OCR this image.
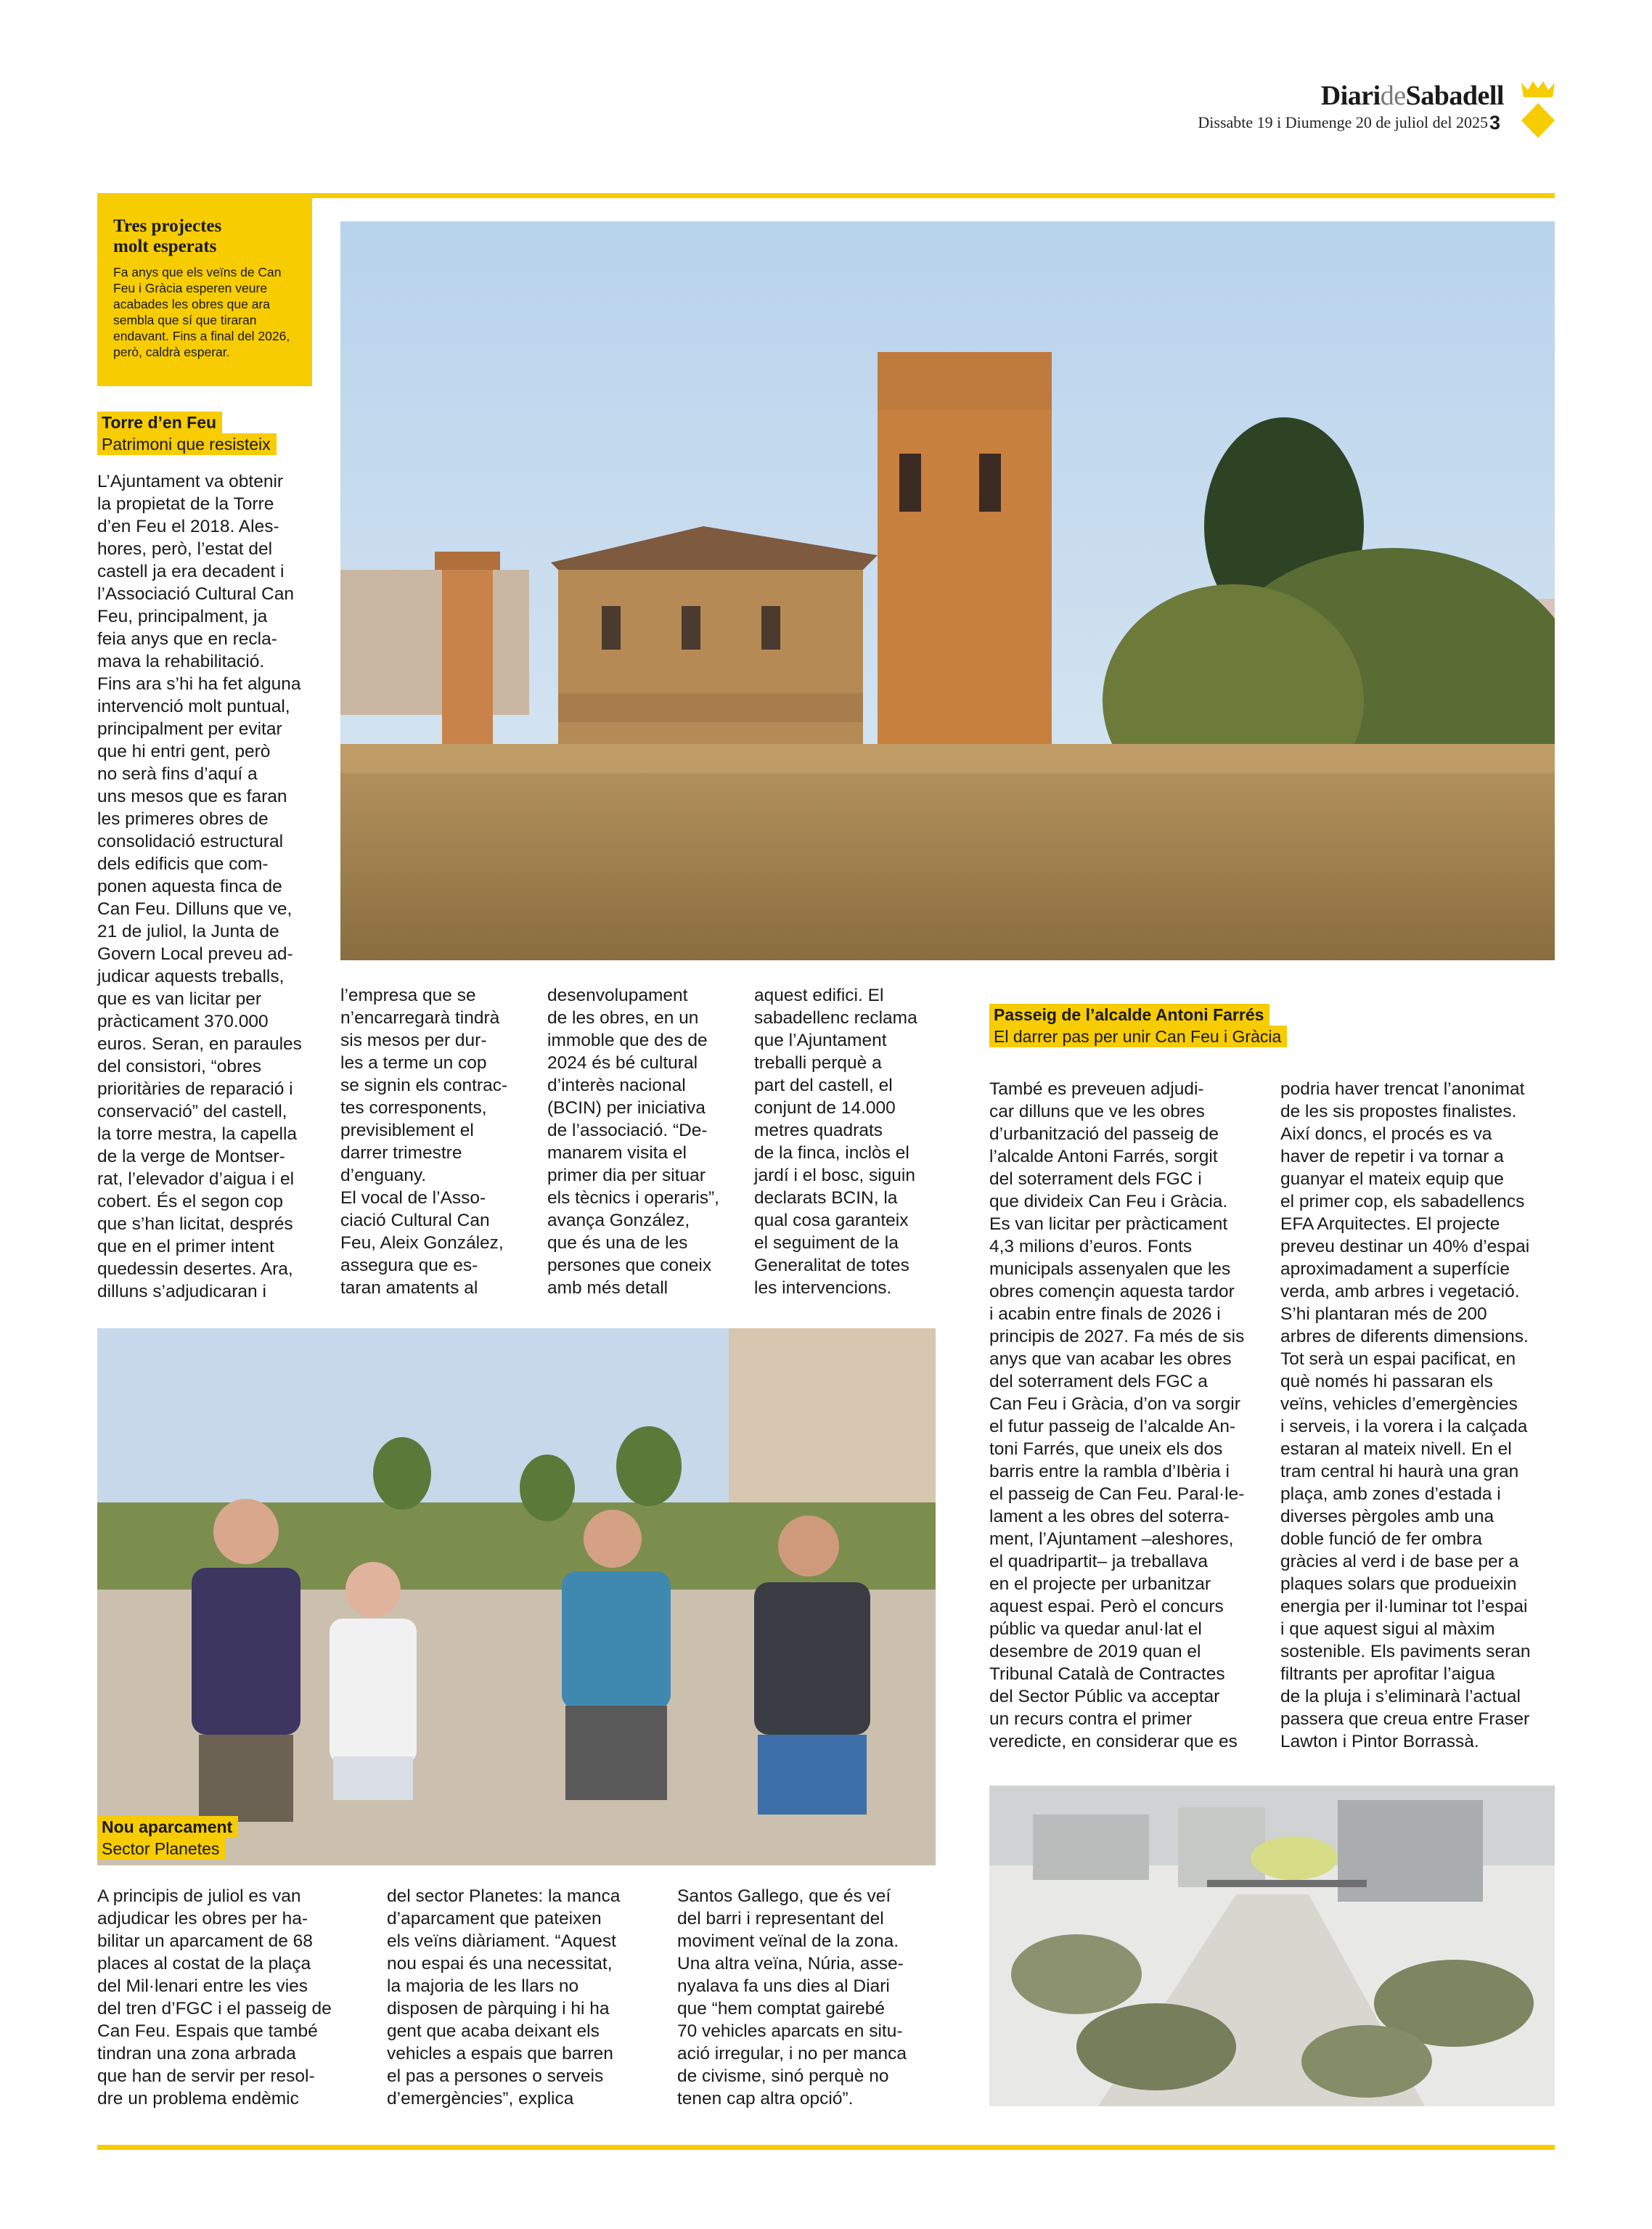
DiarideSabadell
Dissabte 19 i Diumenge 20 de juliol del 2025 3
Tres projectes
molt esperats
Fa anys que els veïns de Can Feu i Gràcia esperen veure acabades les obres que ara sembla que sí que tiraran endavant. Fins a final del 2026, però, caldrà esperar.
Torre d’en Feu
Patrimoni que resisteix
L’Ajuntament va obtenir
la propietat de la Torre
d’en Feu el 2018. Ales-
hores, però, l’estat del
castell ja era decadent i
l’Associació Cultural Can
Feu, principalment, ja
feia anys que en recla-
mava la rehabilitació.
Fins ara s’hi ha fet alguna
intervenció molt puntual,
principalment per evitar
que hi entri gent, però
no serà fins d’aquí a
uns mesos que es faran
les primeres obres de
consolidació estructural
dels edificis que com-
ponen aquesta finca de
Can Feu. Dilluns que ve,
21 de juliol, la Junta de
Govern Local preveu ad-
judicar aquests treballs,
que es van licitar per
pràcticament 370.000
euros. Seran, en paraules
del consistori, “obres
prioritàries de reparació i
conservació” del castell,
la torre mestra, la capella
de la verge de Montser-
rat, l’elevador d’aigua i el
cobert. És el segon cop
que s’han licitat, després
que en el primer intent
quedessin desertes. Ara,
dilluns s’adjudicaran i
l’empresa que se
n’encarregarà tindrà
sis mesos per dur-
les a terme un cop
se signin els contrac-
tes corresponents,
previsiblement el
darrer trimestre
d’enguany.
El vocal de l’Asso-
ciació Cultural Can
Feu, Aleix González,
assegura que es-
taran amatents al
desenvolupament
de les obres, en un
immoble que des de
2024 és bé cultural
d’interès nacional
(BCIN) per iniciativa
de l’associació. “De-
manarem visita el
primer dia per situar
els tècnics i operaris”,
avança González,
que és una de les
persones que coneix
amb més detall
aquest edifici. El
sabadellenc reclama
que l’Ajuntament
treballi perquè a
part del castell, el
conjunt de 14.000
metres quadrats
de la finca, inclòs el
jardí i el bosc, siguin
declarats BCIN, la
qual cosa garanteix
el seguiment de la
Generalitat de totes
les intervencions.
Passeig de l’alcalde Antoni Farrés
El darrer pas per unir Can Feu i Gràcia
També es preveuen adjudi-
car dilluns que ve les obres
d’urbanització del passeig de
l’alcalde Antoni Farrés, sorgit
del soterrament dels FGC i
que divideix Can Feu i Gràcia.
Es van licitar per pràcticament
4,3 milions d’euros. Fonts
municipals assenyalen que les
obres començin aquesta tardor
i acabin entre finals de 2026 i
principis de 2027. Fa més de sis
anys que van acabar les obres
del soterrament dels FGC a
Can Feu i Gràcia, d’on va sorgir
el futur passeig de l’alcalde An-
toni Farrés, que uneix els dos
barris entre la rambla d’Ibèria i
el passeig de Can Feu. Paral·le-
lament a les obres del soterra-
ment, l’Ajuntament –aleshores,
el quadripartit– ja treballava
en el projecte per urbanitzar
aquest espai. Però el concurs
públic va quedar anul·lat el
desembre de 2019 quan el
Tribunal Català de Contractes
del Sector Públic va acceptar
un recurs contra el primer
veredicte, en considerar que es
podria haver trencat l’anonimat
de les sis propostes finalistes.
Així doncs, el procés es va
haver de repetir i va tornar a
guanyar el mateix equip que
el primer cop, els sabadellencs
EFA Arquitectes. El projecte
preveu destinar un 40% d’espai
aproximadament a superfície
verda, amb arbres i vegetació.
S’hi plantaran més de 200
arbres de diferents dimensions.
Tot serà un espai pacificat, en
què només hi passaran els
veïns, vehicles d’emergències
i serveis, i la vorera i la calçada
estaran al mateix nivell. En el
tram central hi haurà una gran
plaça, amb zones d’estada i
diverses pèrgoles amb una
doble funció de fer ombra
gràcies al verd i de base per a
plaques solars que produeixin
energia per il·luminar tot l’espai
i que aquest sigui al màxim
sostenible. Els paviments seran
filtrants per aprofitar l’aigua
de la pluja i s’eliminarà l’actual
passera que creua entre Fraser
Lawton i Pintor Borrassà.
Nou aparcament
Sector Planetes
A principis de juliol es van
adjudicar les obres per ha-
bilitar un aparcament de 68
places al costat de la plaça
del Mil·lenari entre les vies
del tren d’FGC i el passeig de
Can Feu. Espais que també
tindran una zona arbrada
que han de servir per resol-
dre un problema endèmic
del sector Planetes: la manca
d’aparcament que pateixen
els veïns diàriament. “Aquest
nou espai és una necessitat,
la majoria de les llars no
disposen de pàrquing i hi ha
gent que acaba deixant els
vehicles a espais que barren
el pas a persones o serveis
d’emergències”, explica
Santos Gallego, que és veí
del barri i representant del
moviment veïnal de la zona.
Una altra veïna, Núria, asse-
nyalava fa uns dies al Diari
que “hem comptat gairebé
70 vehicles aparcats en situ-
ació irregular, i no per manca
de civisme, sinó perquè no
tenen cap altra opció”.
